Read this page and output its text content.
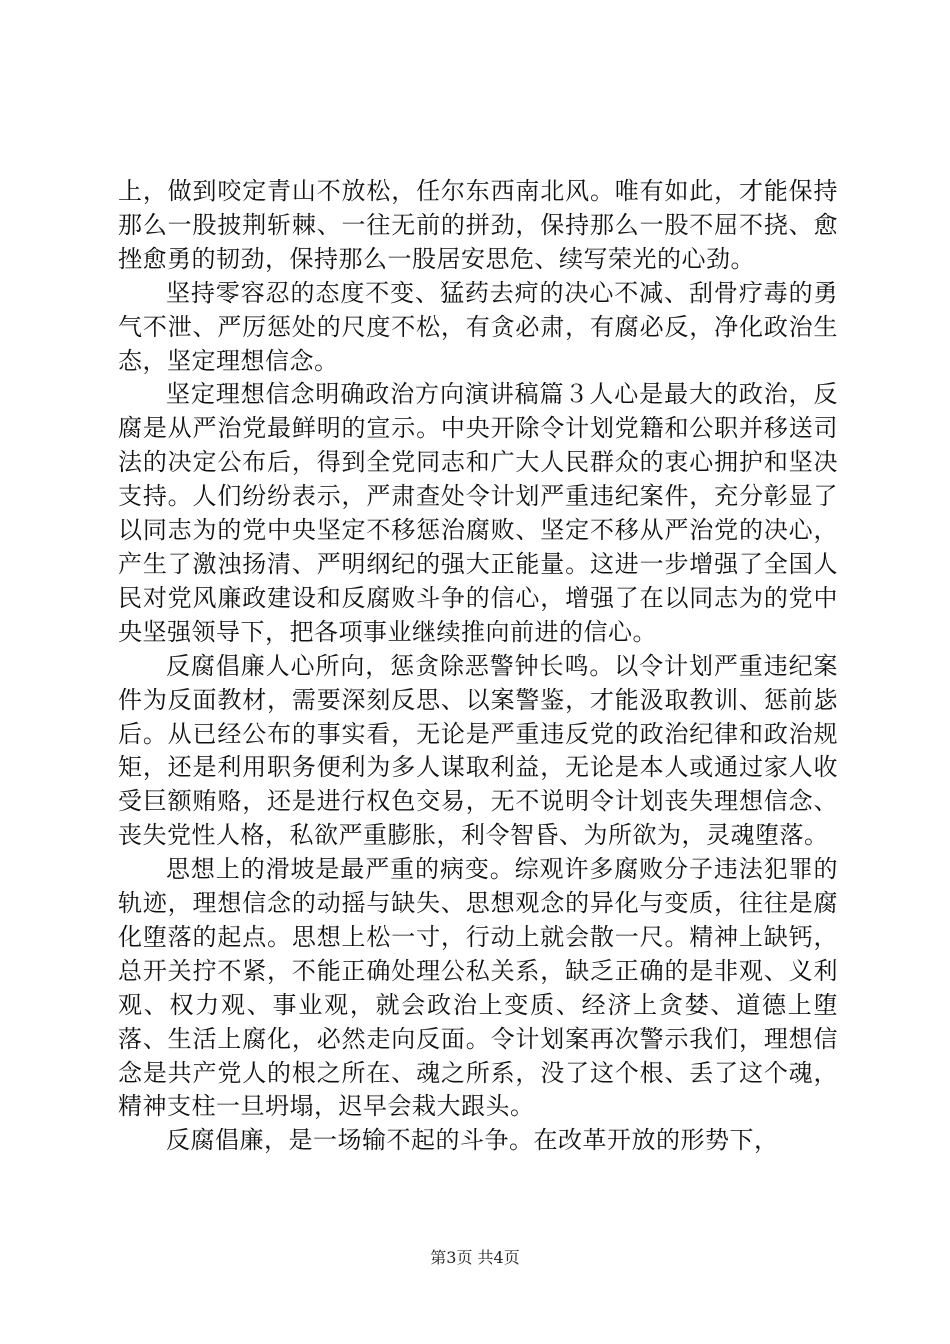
上，做到咬定青山不放松，任尔东西南北风。唯有如此，才能保持那么一股披荆斩棘、一往无前的拼劲，保持那么一股不屈不挠、愈挫愈勇的韧劲，保持那么一股居安思危、续写荣光的心劲。

坚持零容忍的态度不变、猛药去疴的决心不减、刮骨疗毒的勇气不泄、严厉惩处的尺度不松，有贪必肃，有腐必反，净化政治生态，坚定理想信念。

坚定理想信念明确政治方向演讲稿篇３人心是最大的政治，反腐是从严治党最鲜明的宣示。中央开除令计划党籍和公职并移送司法的决定公布后，得到全党同志和广大人民群众的衷心拥护和坚决支持。人们纷纷表示，严肃查处令计划严重违纪案件，充分彰显了以同志为的党中央坚定不移惩治腐败、坚定不移从严治党的决心，产生了激浊扬清、严明纲纪的强大正能量。这进一步增强了全国人民对党风廉政建设和反腐败斗争的信心，增强了在以同志为的党中央坚强领导下，把各项事业继续推向前进的信心。

反腐倡廉人心所向，惩贪除恶警钟长鸣。以令计划严重违纪案件为反面教材，需要深刻反思、以案警鉴，才能汲取教训、惩前毖后。从已经公布的事实看，无论是严重违反党的政治纪律和政治规矩，还是利用职务便利为多人谋取利益，无论是本人或通过家人收受巨额贿赂，还是进行权色交易，无不说明令计划丧失理想信念、丧失党性人格，私欲严重膨胀，利令智昏、为所欲为，灵魂堕落。

思想上的滑坡是最严重的病变。综观许多腐败分子违法犯罪的轨迹，理想信念的动摇与缺失、思想观念的异化与变质，往往是腐化堕落的起点。思想上松一寸，行动上就会散一尺。精神上缺钙，总开关拧不紧，不能正确处理公私关系，缺乏正确的是非观、义利观、权力观、事业观，就会政治上变质、经济上贪婪、道德上堕落、生活上腐化，必然走向反面。令计划案再次警示我们，理想信念是共产党人的根之所在、魂之所系，没了这个根、丢了这个魂，精神支柱一旦坍塌，迟早会栽大跟头。

反腐倡廉，是一场输不起的斗争。在改革开放的形势下，

第3页 共4页
